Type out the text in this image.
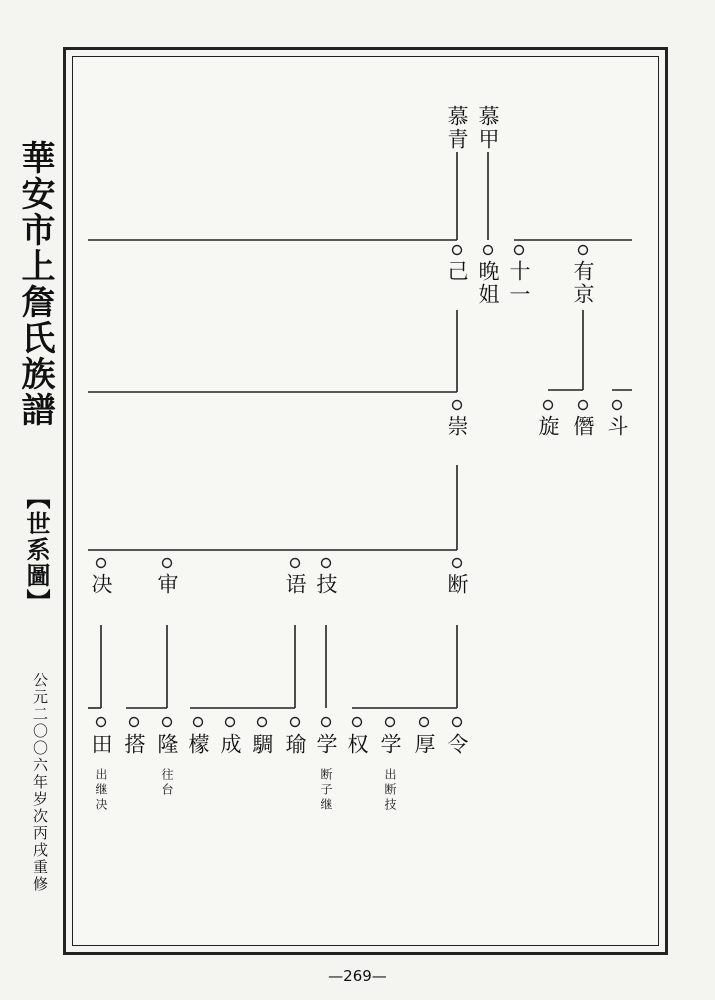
華安市上詹氏族譜

【世系圖】

公元二〇〇六年岁次丙戌重修

—269—
慕甲
慕青
有京
十一
晚姐
己
斗
僭
旋
崇
断
技
语
审
决
令
厚
学
权
学
瑜
騆
成
檬
隆
搭
田
出断技
断子继
往台
出继决
